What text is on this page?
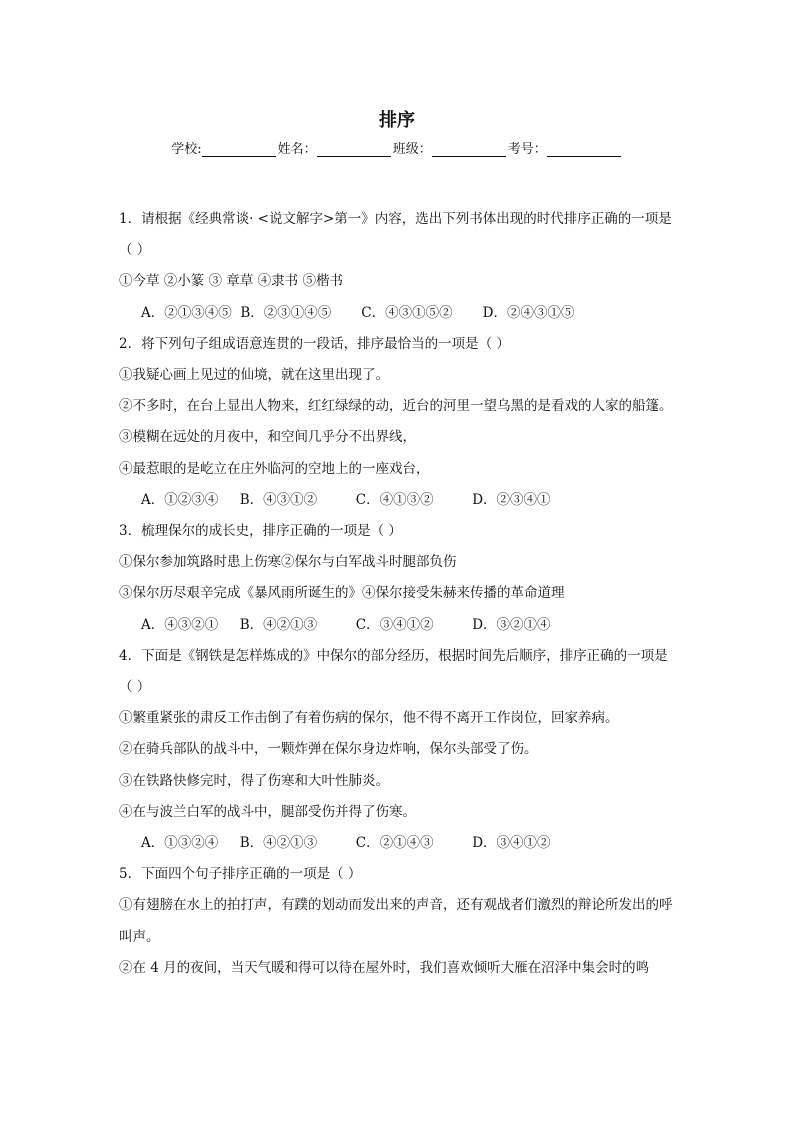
排序
学校:	姓名：	班级：	考号：
1．请根据《经典常谈· <说文解字>第一》内容，选出下列书体出现的时代排序正确的一项是（ ）
①今草 ②小篆 ③ 章草 ④隶书 ⑤楷书
A．②①③④⑤  B．②③①④⑤       C．④③①⑤②       D．②④③①⑤
2．将下列句子组成语意连贯的一段话，排序最恰当的一项是（ ）
①我疑心画上见过的仙境，就在这里出现了。
②不多时，在台上显出人物来，红红绿绿的动，近台的河里一望乌黑的是看戏的人家的船篷。
③模糊在远处的月夜中，和空间几乎分不出界线，
④最惹眼的是屹立在庄外临河的空地上的一座戏台，
A．①②③④     B．④③①②         C．④①③②         D．②③④①
3．梳理保尔的成长史，排序正确的一项是（ ）
①保尔参加筑路时患上伤寒②保尔与白军战斗时腿部负伤
③保尔历尽艰辛完成《暴风雨所诞生的》④保尔接受朱赫来传播的革命道理
A．④③②①     B．④②①③         C．③④①②         D．③②①④
4．下面是《钢铁是怎样炼成的》中保尔的部分经历，根据时间先后顺序，排序正确的一项是（ ）
①繁重紧张的肃反工作击倒了有着伤病的保尔，他不得不离开工作岗位，回家养病。
②在骑兵部队的战斗中，一颗炸弹在保尔身边炸响，保尔头部受了伤。
③在铁路快修完时，得了伤寒和大叶性肺炎。
④在与波兰白军的战斗中，腿部受伤并得了伤寒。
A．①③②④     B．④②①③         C．②①④③         D．③④①②
5．下面四个句子排序正确的一项是（ ）
①有翅膀在水上的拍打声，有蹼的划动而发出来的声音，还有观战者们激烈的辩论所发出的呼叫声。
②在 4 月的夜间，当天气暖和得可以待在屋外时，我们喜欢倾听大雁在沼泽中集会时的鸣
